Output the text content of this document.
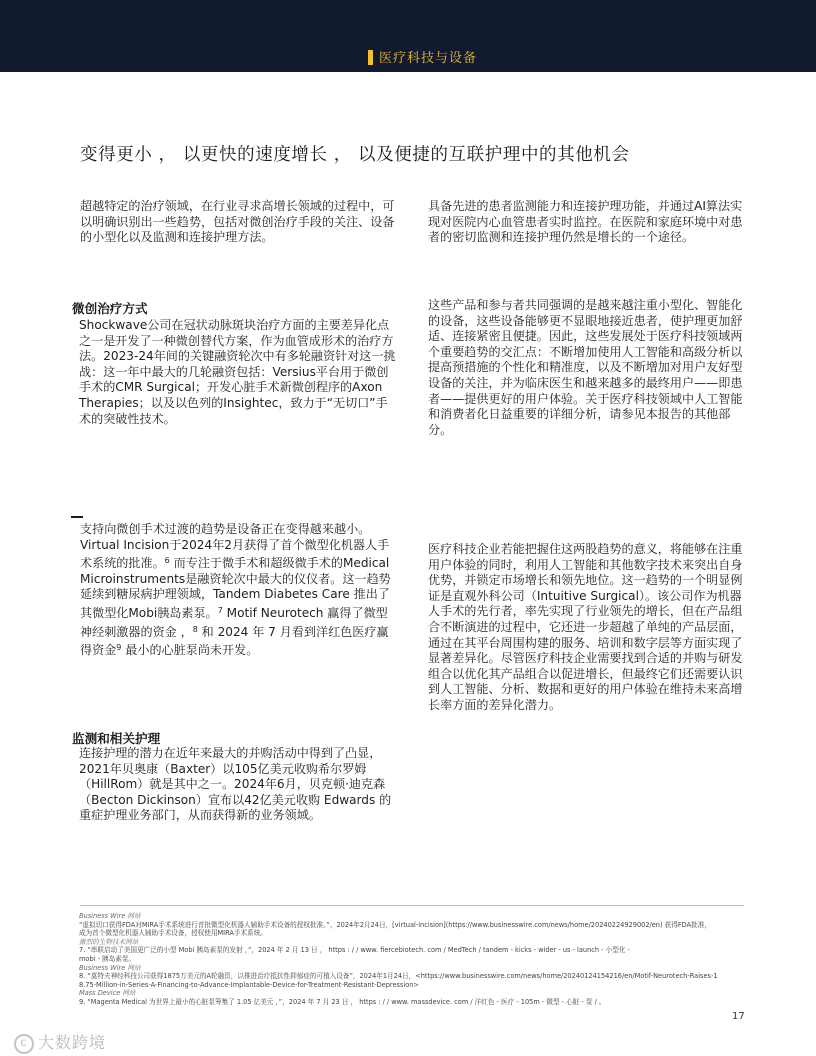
医疗科技与设备
变得更小 ， 以更快的速度增长 ， 以及便捷的互联护理中的其他机会

超越特定的治疗领域，在行业寻求高增长领域的过程中，可以明确识别出一些趋势，包括对微创治疗手段的关注、设备的小型化以及监测和连接护理方法。

具备先进的患者监测能力和连接护理功能，并通过AI算法实现对医院内心血管患者实时监控。在医院和家庭环境中对患者的密切监测和连接护理仍然是增长的一个途径。

微创治疗方式

Shockwave公司在冠状动脉斑块治疗方面的主要差异化点之一是开发了一种微创替代方案，作为血管成形术的治疗方法。2023-24年间的关键融资轮次中有多轮融资针对这一挑战：这一年中最大的几轮融资包括：Versius平台用于微创手术的CMR Surgical；开发心脏手术新微创程序的Axon Therapies；以及以色列的Insightec，致力于“无切口”手术的突破性技术。

这些产品和参与者共同强调的是越来越注重小型化、智能化的设备，这些设备能够更不显眼地接近患者，使护理更加舒适、连接紧密且便捷。因此，这些发展处于医疗科技领域两个重要趋势的交汇点：不断增加使用人工智能和高级分析以提高预措施的个性化和精准度，以及不断增加对用户友好型设备的关注，并为临床医生和越来越多的最终用户——即患者——提供更好的用户体验。关于医疗科技领域中人工智能和消费者化日益重要的详细分析，请参见本报告的其他部分。

支持向微创手术过渡的趋势是设备正在变得越来越小。Virtual Incision于2024年2月获得了首个微型化机器人手术系统的批准。$^6$ 而专注于微手术和超级微手术的Medical Microinstruments是融资轮次中最大的仪仪者。这一趋势延续到糖尿病护理领域，Tandem Diabetes Care 推出了其微型化Mobi胰岛素泵。$^7$ Motif Neurotech 赢得了微型神经刺激器的资金 ，$^8$ 和 2024 年 7 月看到洋红色医疗赢得资金$^9$ 最小的心脏泵尚未开发。

医疗科技企业若能把握住这两股趋势的意义，将能够在注重用户体验的同时，利用人工智能和其他数字技术来突出自身优势，并锁定市场增长和领先地位。这一趋势的一个明显例证是直观外科公司（Intuitive Surgical）。该公司作为机器人手术的先行者，率先实现了行业领先的增长，但在产品组合不断演进的过程中，它还进一步超越了单纯的产品层面，通过在其平台周围构建的服务、培训和数字层等方面实现了显著差异化。尽管医疗科技企业需要找到合适的并购与研发组合以优化其产品组合以促进增长，但最终它们还需要认识到人工智能、分析、数据和更好的用户体验在维持未来高增长率方面的差异化潜力。

监测和相关护理

连接护理的潜力在近年来最大的并购活动中得到了凸显，2021年贝奥康（Baxter）以105亿美元收购希尔罗姆（HillRom）就是其中之一。2024年6月，贝克顿·迪克森（Becton Dickinson）宣布以42亿美元收购 Edwards 的重症护理业务部门，从而获得新的业务领域。

Business Wire 网站
“虚拟切口获得FDA对MIRA手术系统进行首批微型化机器人辅助手术设备的授权批准。”，2024年2月24日，[virtual-incision](https://www.businesswire.com/news/home/20240224929002/en) 获得FDA批准，
成为首个微型化机器人辅助手术设备，授权使用MIRA手术系统。
激烈的生物技术网站
7. “串联启动了美国更广泛的小型 Mobi 胰岛素泵的发射 ，”，2024 年 2 月 13 日 ， https : / / www. fiercebiotech. com / MedTech / tandem - kicks - wider - us - launch - 小型化 -
mobi - 胰岛素泵。
Business Wire 网站
8. “莫特夫神经科技公司获得1875万美元的A轮融资，以推进治疗抵抗性抑郁症的可植入设备”，2024年1月24日，<https://www.businesswire.com/news/home/20240124154216/en/Motif-Neurotech-Raises-1
8.75-Million-in-Series-A-Financing-to-Advance-Implantable-Device-for-Treatment-Resistant-Depression>
Mass Device 网站
9. “Magenta Medical 为世界上最小的心脏泵筹集了 1.05 亿美元 ，”，2024 年 7 月 23 日 ， https : / / www. massdevice. com / 洋红色 - 医疗 - 105m - 微型 - 心脏 - 泵 / 。
17
C 大数跨境
